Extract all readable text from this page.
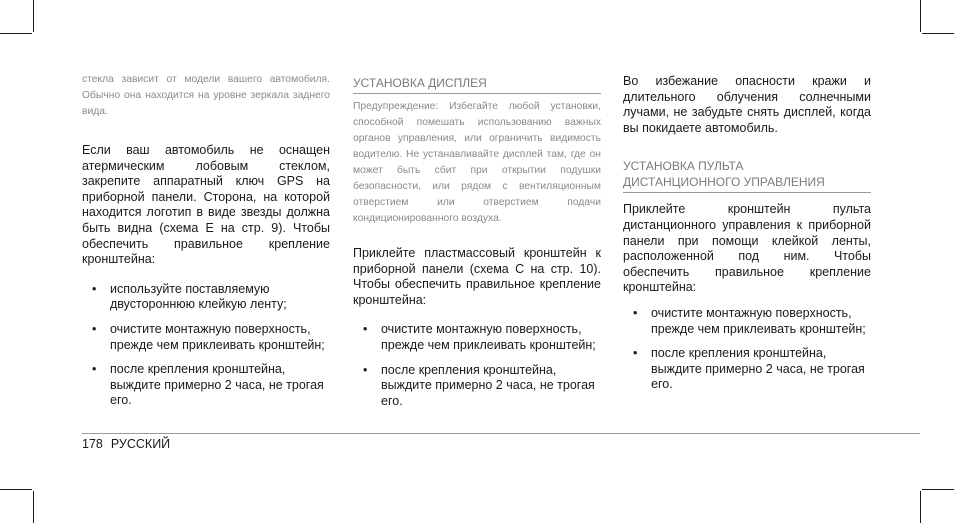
стекла зависит от модели вашего автомобиля. Обычно она находится на уровне зеркала заднего вида.

Если ваш автомобиль не оснащен атермическим лобовым стеклом, закрепите аппаратный ключ GPS на приборной панели. Сторона, на которой находится логотип в виде звезды должна быть видна (схема E на стр. 9). Чтобы обеспечить правильное крепление кронштейна:

• используйте поставляемую двустороннюю клейкую ленту;
• очистите монтажную поверхность, прежде чем приклеивать кронштейн;
• после крепления кронштейна, выждите примерно 2 часа, не трогая его.

УСТАНОВКА ДИСПЛЕЯ

Предупреждение: Избегайте любой установки, способной помешать использованию важных органов управления, или ограничить видимость водителю. Не устанавливайте дисплей там, где он может быть сбит при открытии подушки безопасности, или рядом с вентиляционным отверстием или отверстием подачи кондиционированного воздуха.

Приклейте пластмассовый кронштейн к приборной панели (схема C на стр. 10). Чтобы обеспечить правильное крепление кронштейна:

• очистите монтажную поверхность, прежде чем приклеивать кронштейн;
• после крепления кронштейна, выждите примерно 2 часа, не трогая его.

Во избежание опасности кражи и длительного облучения солнечными лучами, не забудьте снять дисплей, когда вы покидаете автомобиль.

УСТАНОВКА ПУЛЬТА
ДИСТАНЦИОННОГО УПРАВЛЕНИЯ

Приклейте кронштейн пульта дистанционного управления к приборной панели при помощи клейкой ленты, расположенной под ним. Чтобы обеспечить правильное крепление кронштейна:

• очистите монтажную поверхность, прежде чем приклеивать кронштейн;
• после крепления кронштейна, выждите примерно 2 часа, не трогая его.
178 РУССКИЙ
